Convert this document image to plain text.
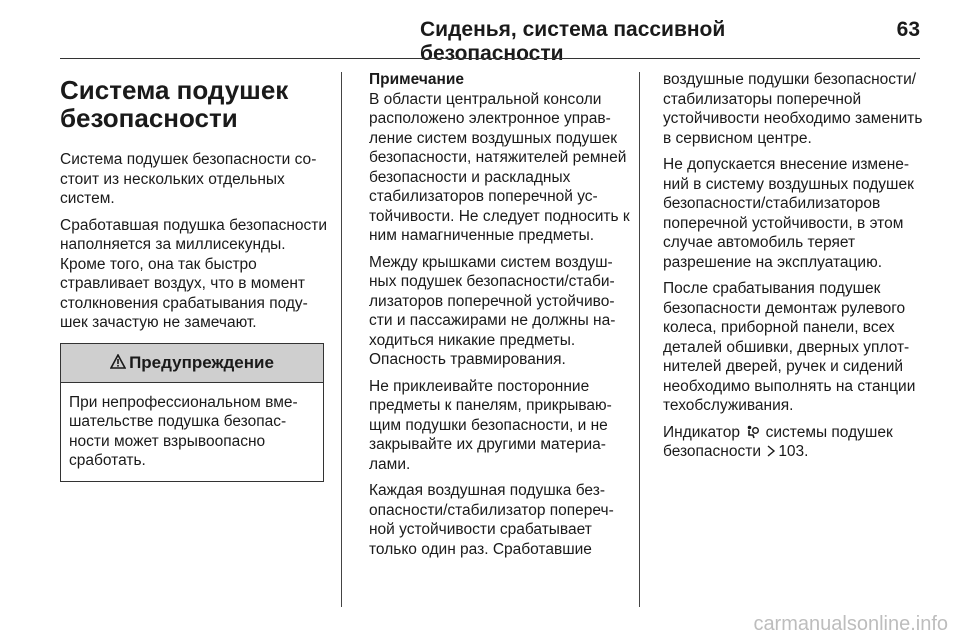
Сиденья, система пассивной безопасности
63
Система подушек
безопасности

Система подушек безопасности состоит из нескольких отдельных систем.

Сработавшая подушка безопасности наполняется за миллисекунды. Кроме того, она так быстро стравливает воздух, что в момент столкновения срабатывания подушек зачастую не замечают.

Предупреждение
При непрофессиональном вмешательстве подушка безопасности может взрывоопасно сработать.
Примечание

В области центральной консоли расположено электронное управление систем воздушных подушек безопасности, натяжителей ремней безопасности и раскладных стабилизаторов поперечной устойчивости. Не следует подносить к ним намагниченные предметы.

Между крышками систем воздушных подушек безопасности/стабилизаторов поперечной устойчивости и пассажирами не должны находиться никакие предметы. Опасность травмирования.

Не приклеивайте посторонние предметы к панелям, прикрывающим подушки безопасности, и не закрывайте их другими материалами.

Каждая воздушная подушка безопасности/стабилизатор поперечной устойчивости срабатывает только один раз. Сработавшие

воздушные подушки безопасности/стабилизаторы поперечной устойчивости необходимо заменить в сервисном центре.

Не допускается внесение изменений в систему воздушных подушек безопасности/стабилизаторов поперечной устойчивости, в этом случае автомобиль теряет разрешение на эксплуатацию.

После срабатывания подушек безопасности демонтаж рулевого колеса, приборной панели, всех деталей обшивки, дверных уплотнителей дверей, ручек и сидений необходимо выполнять на станции техобслуживания.

Индикатор системы подушек безопасности 103.

carmanualsonline.info
